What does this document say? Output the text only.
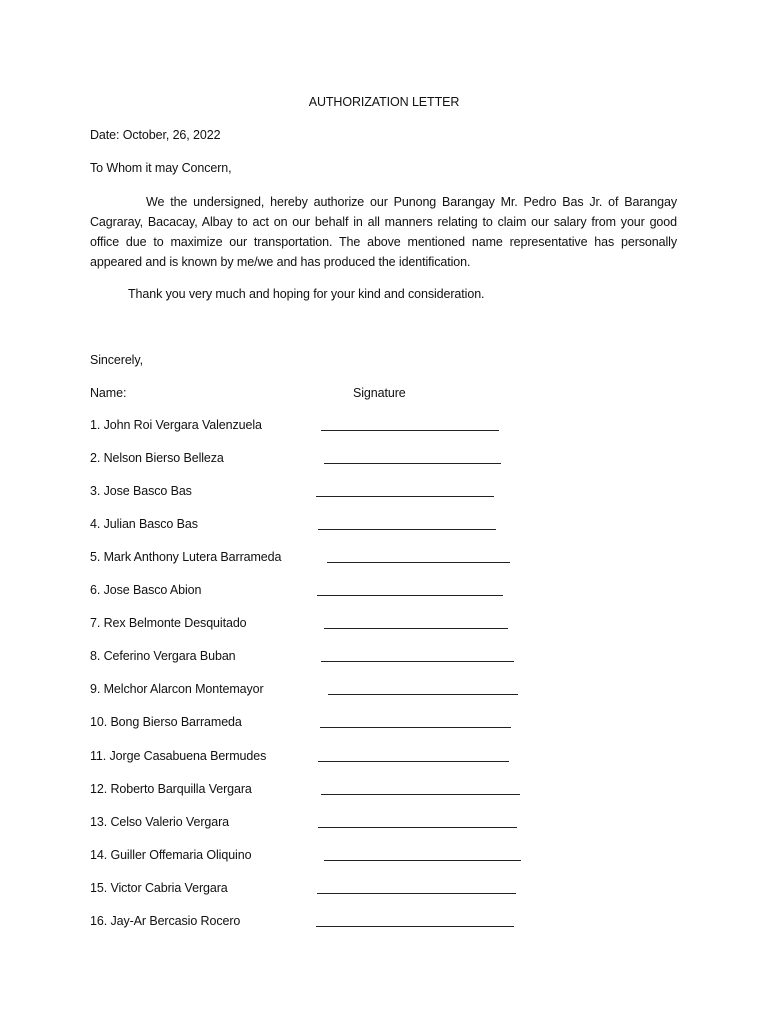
AUTHORIZATION LETTER
Date: October, 26, 2022
To Whom it may Concern,
We the undersigned, hereby authorize our Punong Barangay Mr. Pedro Bas Jr. of Barangay Cagraray, Bacacay, Albay to act on our behalf in all manners relating to claim our salary from your good office due to maximize our transportation. The above mentioned name representative has personally appeared and is known by me/we and has produced the identification.
Thank you very much and hoping for your kind and consideration.
Sincerely,
Name:	Signature
1. John Roi Vergara Valenzuela
2. Nelson Bierso Belleza
3. Jose Basco Bas
4. Julian Basco Bas
5. Mark Anthony Lutera Barrameda
6. Jose Basco Abion
7. Rex Belmonte Desquitado
8. Ceferino Vergara Buban
9. Melchor Alarcon Montemayor
10. Bong Bierso Barrameda
11. Jorge Casabuena Bermudes
12. Roberto Barquilla Vergara
13. Celso Valerio Vergara
14. Guiller Offemaria Oliquino
15. Victor Cabria Vergara
16. Jay-Ar Bercasio Rocero
